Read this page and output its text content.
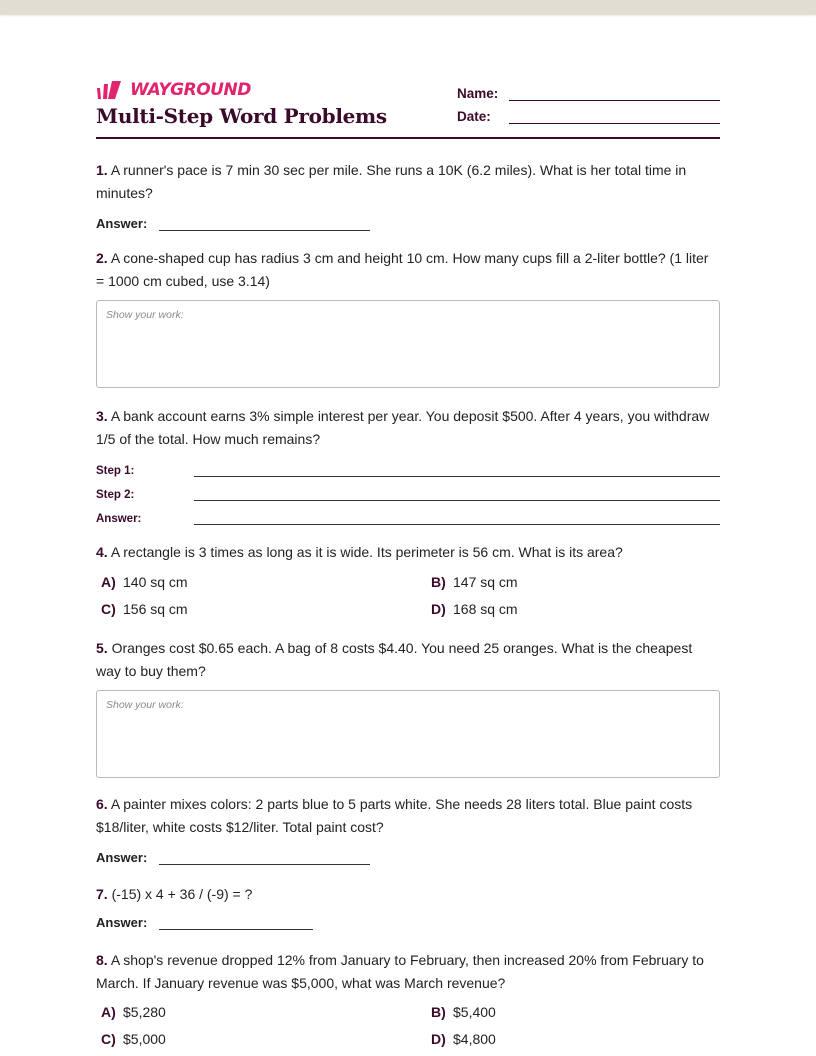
WAYGROUND
Multi-Step Word Problems
Name:
Date:

1. A runner's pace is 7 min 30 sec per mile. She runs a 10K (6.2 miles). What is her total time in minutes?

Answer:

2. A cone-shaped cup has radius 3 cm and height 10 cm. How many cups fill a 2-liter bottle? (1 liter = 1000 cm cubed, use 3.14)

Show your work:

3. A bank account earns 3% simple interest per year. You deposit $500. After 4 years, you withdraw 1/5 of the total. How much remains?

Step 1:
Step 2:
Answer:

4. A rectangle is 3 times as long as it is wide. Its perimeter is 56 cm. What is its area?

A) 140 sq cm	B) 147 sq cm
C) 156 sq cm	D) 168 sq cm

5. Oranges cost $0.65 each. A bag of 8 costs $4.40. You need 25 oranges. What is the cheapest way to buy them?

Show your work:

6. A painter mixes colors: 2 parts blue to 5 parts white. She needs 28 liters total. Blue paint costs $18/liter, white costs $12/liter. Total paint cost?

Answer:

7. (-15) x 4 + 36 / (-9) = ?

Answer:

8. A shop's revenue dropped 12% from January to February, then increased 20% from February to March. If January revenue was $5,000, what was March revenue?

A) $5,280	B) $5,400
C) $5,000	D) $4,800
